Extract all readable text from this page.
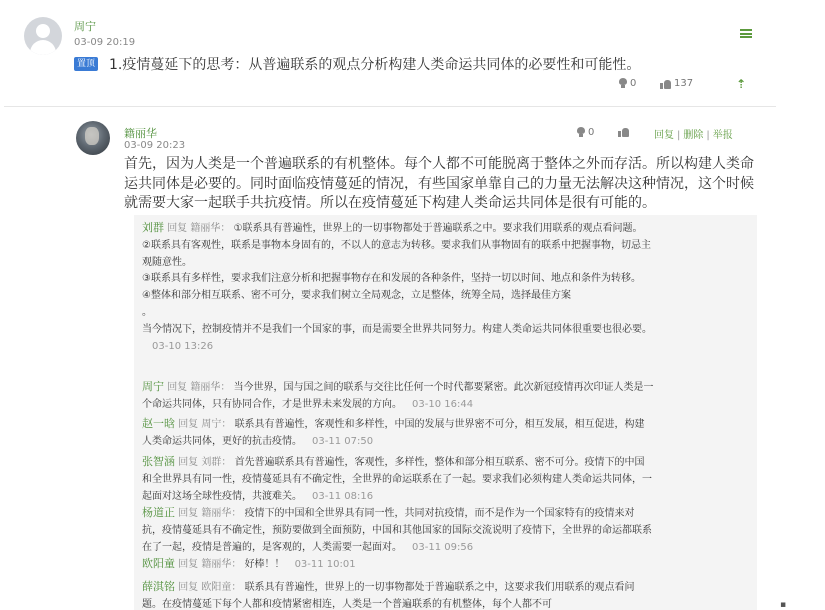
周宁
03-09 20:19
置顶 1.疫情蔓延下的思考：从普遍联系的观点分析构建人类命运共同体的必要性和可能性。
0	137	⇡
籍丽华
03-09 20:23
0	回复 | 删除 | 举报
首先，因为人类是一个普遍联系的有机整体。每个人都不可能脱离于整体之外而存活。所以构建人类命运共同体是必要的。同时面临疫情蔓延的情况，有些国家单靠自己的力量无法解决这种情况，这个时候就需要大家一起联手共抗疫情。所以在疫情蔓延下构建人类命运共同体是很有可能的。

刘群 回复 籍丽华： ①联系具有普遍性，世界上的一切事物都处于普遍联系之中。要求我们用联系的观点看问题。

②联系具有客观性，联系是事物本身固有的，不以人的意志为转移。要求我们从事物固有的联系中把握事物，切忌主观随意性。

③联系具有多样性，要求我们注意分析和把握事物存在和发展的各种条件，坚持一切以时间、地点和条件为转移。

④整体和部分相互联系、密不可分，要求我们树立全局观念，立足整体，统筹全局，选择最佳方案

。

当今情况下，控制疫情并不是我们一个国家的事，而是需要全世界共同努力。构建人类命运共同体很重要也很必要。03-10 13:26

周宁 回复 籍丽华： 当今世界，国与国之间的联系与交往比任何一个时代都要紧密。此次新冠疫情再次印证人类是一个命运共同体，只有协同合作，才是世界未来发展的方向。 03-10 16:44

赵一晗 回复 周宁： 联系具有普遍性，客观性和多样性，中国的发展与世界密不可分，相互发展，相互促进，构建人类命运共同体，更好的抗击疫情。 03-11 07:50

张智涵 回复 刘群： 首先普遍联系具有普遍性，客观性，多样性，整体和部分相互联系、密不可分。疫情下的中国和全世界具有同一性，疫情蔓延具有不确定性，全世界的命运联系在了一起。要求我们必须构建人类命运共同体，一起面对这场全球性疫情，共渡难关。 03-11 08:16

杨道正 回复 籍丽华： 疫情下的中国和全世界具有同一性，共同对抗疫情，而不是作为一个国家特有的疫情来对抗，疫情蔓延具有不确定性，预防要做到全面预防，中国和其他国家的国际交流说明了疫情下，全世界的命运都联系在了一起，疫情是普遍的，是客观的，人类需要一起面对。 03-11 09:56

欧阳童 回复 籍丽华： 好棒！！ 03-11 10:01

薛淇铭 回复 欧阳童： 联系具有普遍性，世界上的一切事物都处于普遍联系之中，这要求我们用联系的观点看问题。在疫情蔓延下每个人都和疫情紧密相连，人类是一个普遍联系的有机整体，每个人都不可	▪
